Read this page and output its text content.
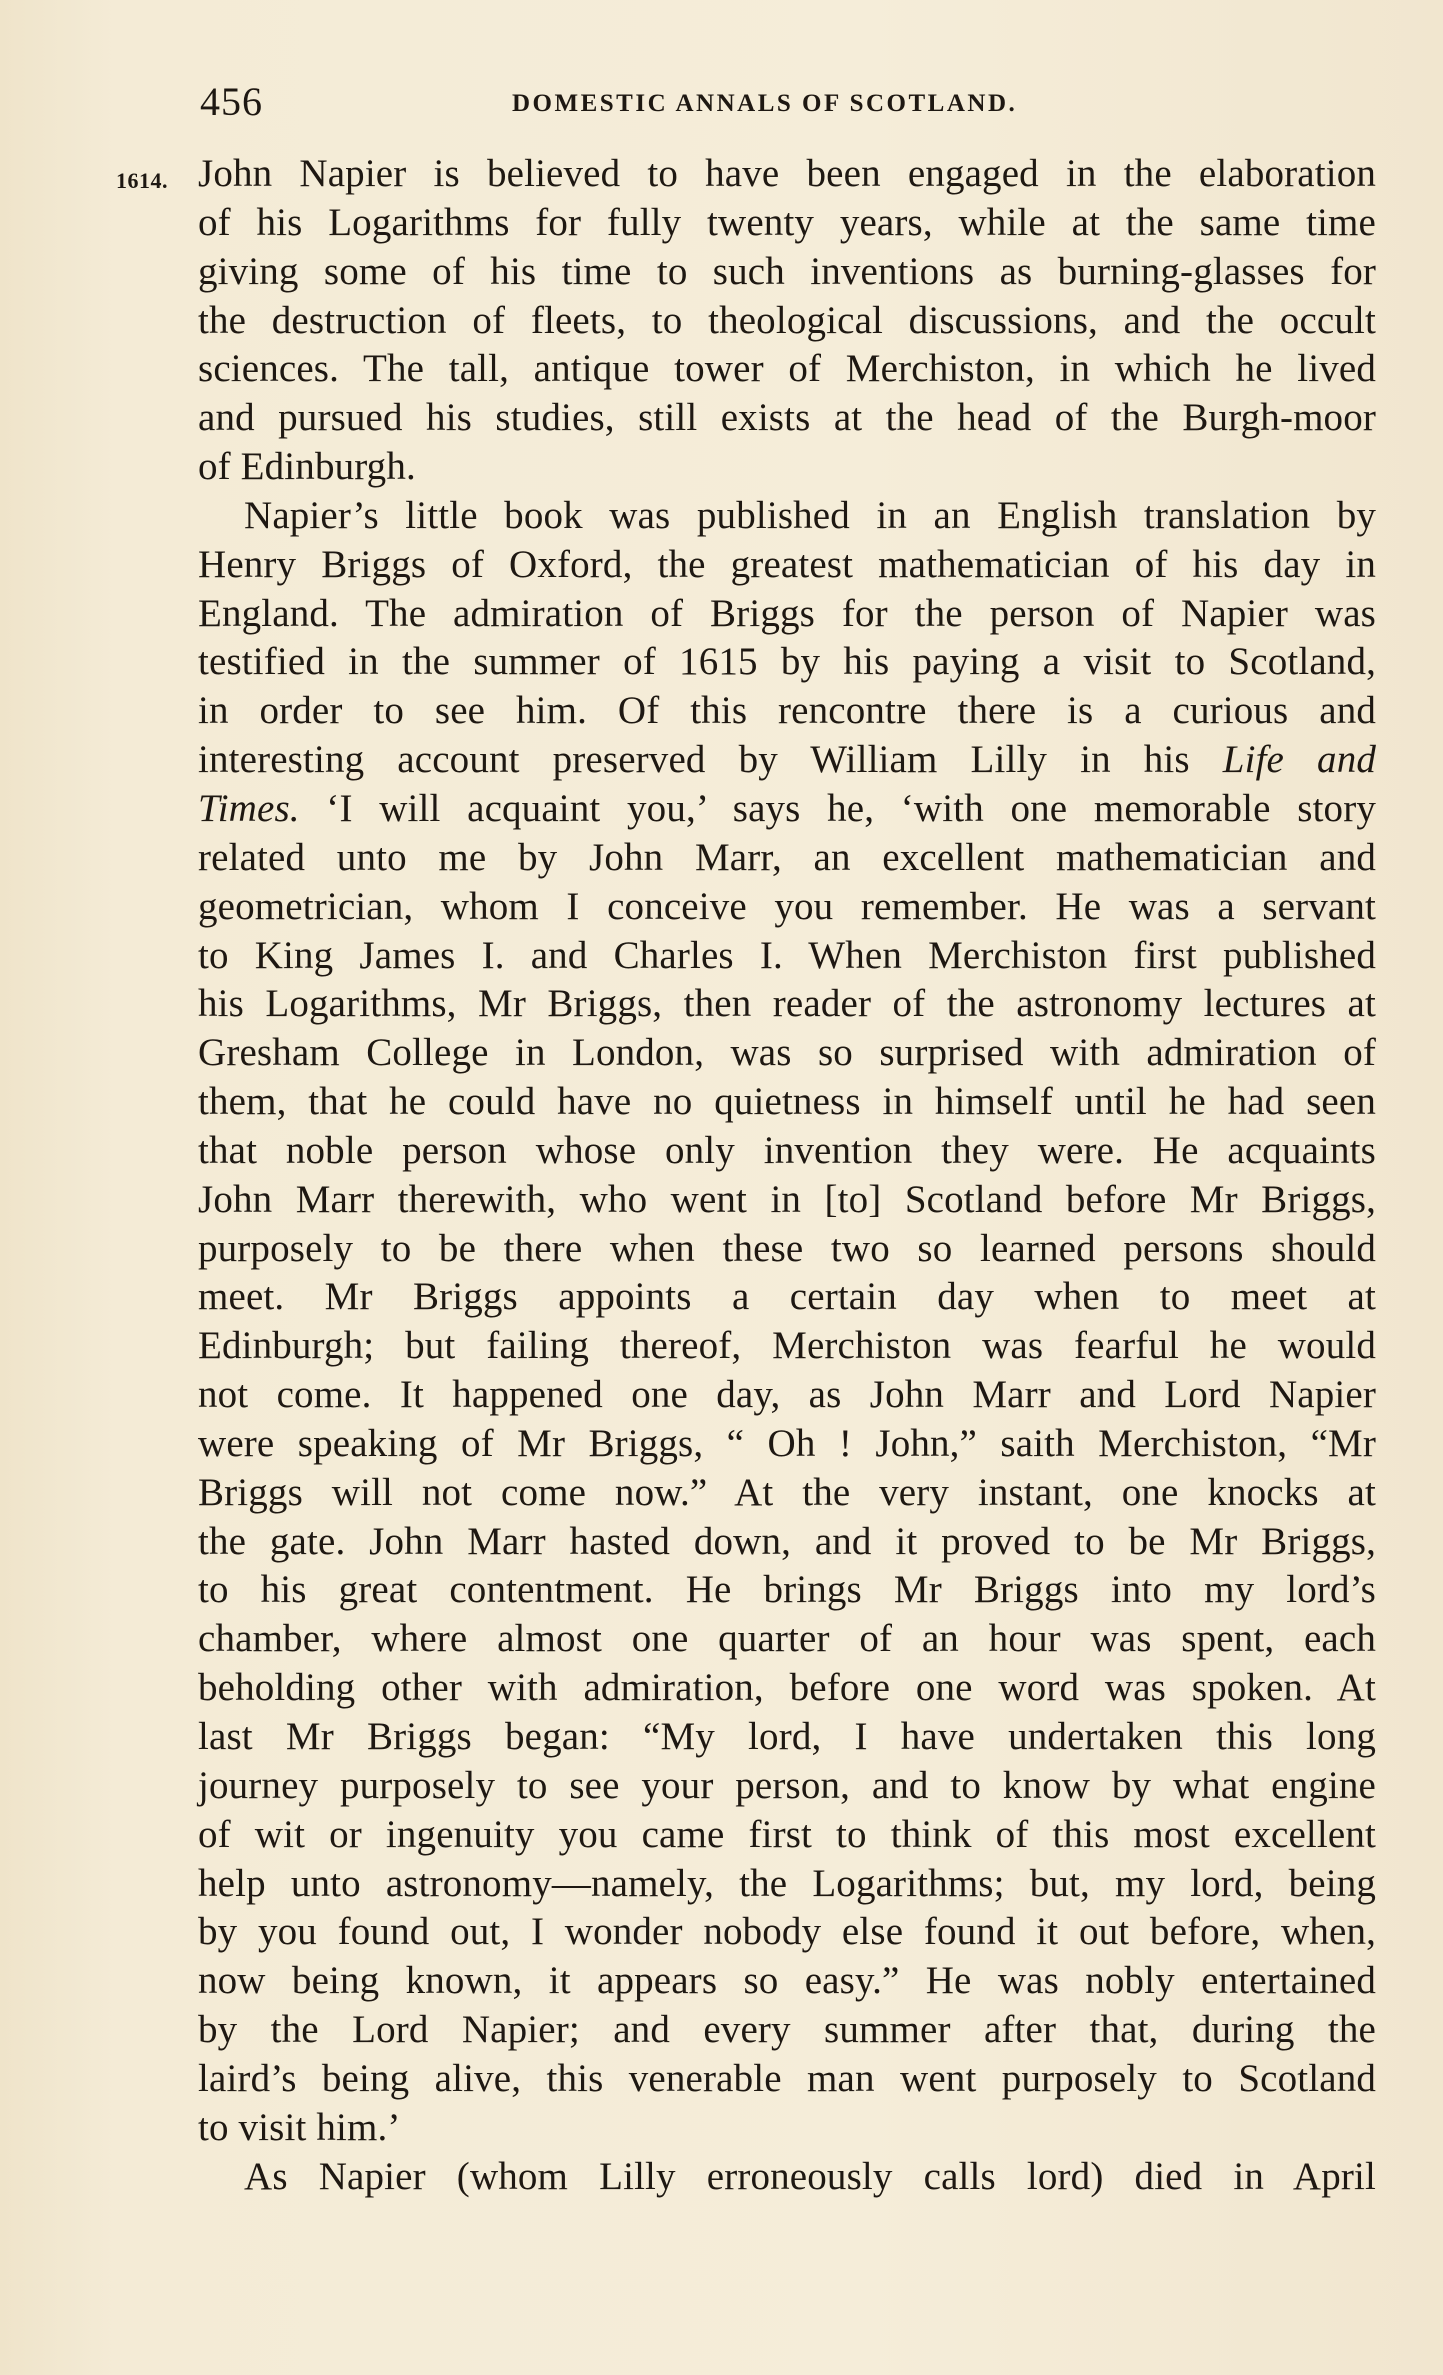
456	DOMESTIC ANNALS OF SCOTLAND.
1614. John Napier is believed to have been engaged in the elaboration
of his Logarithms for fully twenty years, while at the same time
giving some of his time to such inventions as burning-glasses for
the destruction of fleets, to theological discussions, and the occult
sciences. The tall, antique tower of Merchiston, in which he lived
and pursued his studies, still exists at the head of the Burgh-moor
of Edinburgh.
Napier’s little book was published in an English translation by
Henry Briggs of Oxford, the greatest mathematician of his day in
England. The admiration of Briggs for the person of Napier was
testified in the summer of 1615 by his paying a visit to Scotland,
in order to see him. Of this rencontre there is a curious and
interesting account preserved by William Lilly in his Life and
Times. ‘I will acquaint you,’ says he, ‘with one memorable story
related unto me by John Marr, an excellent mathematician and
geometrician, whom I conceive you remember. He was a servant
to King James I. and Charles I. When Merchiston first published
his Logarithms, Mr Briggs, then reader of the astronomy lectures at
Gresham College in London, was so surprised with admiration of
them, that he could have no quietness in himself until he had seen
that noble person whose only invention they were. He acquaints
John Marr therewith, who went in [to] Scotland before Mr Briggs,
purposely to be there when these two so learned persons should
meet. Mr Briggs appoints a certain day when to meet at
Edinburgh; but failing thereof, Merchiston was fearful he would
not come. It happened one day, as John Marr and Lord Napier
were speaking of Mr Briggs, “ Oh ! John,” saith Merchiston, “Mr
Briggs will not come now.” At the very instant, one knocks at
the gate. John Marr hasted down, and it proved to be Mr Briggs,
to his great contentment. He brings Mr Briggs into my lord’s
chamber, where almost one quarter of an hour was spent, each
beholding other with admiration, before one word was spoken. At
last Mr Briggs began: “My lord, I have undertaken this long
journey purposely to see your person, and to know by what engine
of wit or ingenuity you came first to think of this most excellent
help unto astronomy—namely, the Logarithms; but, my lord, being
by you found out, I wonder nobody else found it out before, when,
now being known, it appears so easy.” He was nobly entertained
by the Lord Napier; and every summer after that, during the
laird’s being alive, this venerable man went purposely to Scotland
to visit him.’
As Napier (whom Lilly erroneously calls lord) died in April
